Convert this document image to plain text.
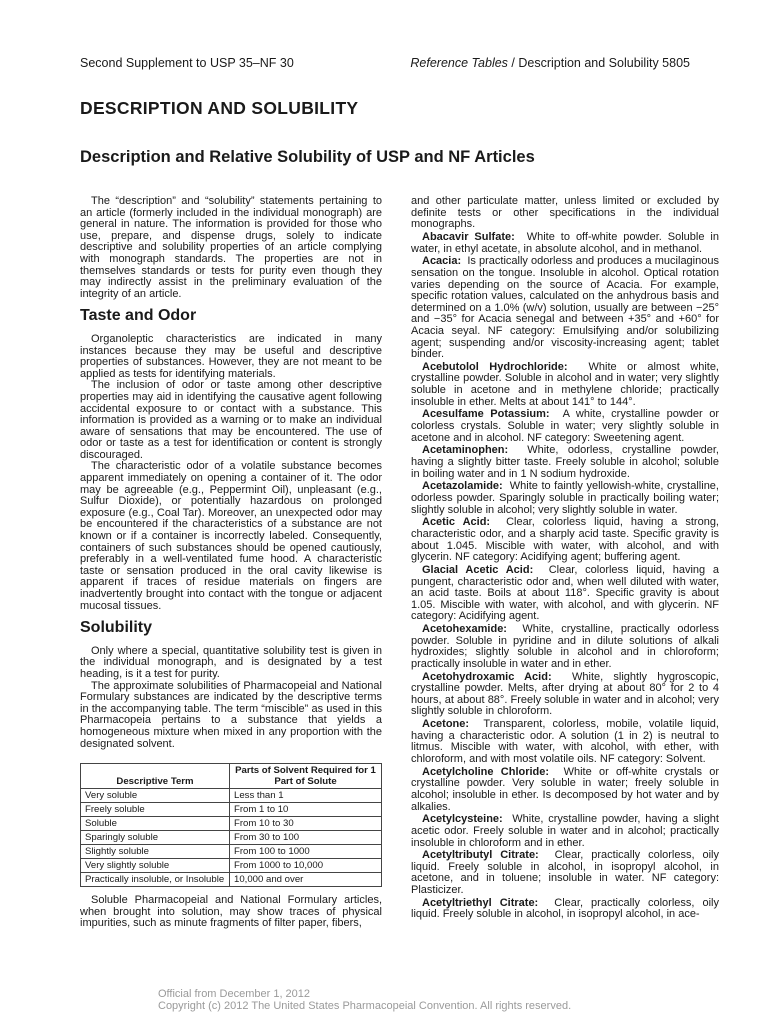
Second Supplement to USP 35–NF 30	Reference Tables / Description and Solubility 5805
DESCRIPTION AND SOLUBILITY
Description and Relative Solubility of USP and NF Articles

The “description” and “solubility” statements pertaining to an article (formerly included in the individual monograph) are general in nature. The information is provided for those who use, prepare, and dispense drugs, solely to indicate descriptive and solubility properties of an article complying with monograph standards. The properties are not in themselves standards or tests for purity even though they may indirectly assist in the preliminary evaluation of the integrity of an article.

Taste and Odor

Organoleptic characteristics are indicated in many instances because they may be useful and descriptive properties of substances. However, they are not meant to be applied as tests for identifying materials.

The inclusion of odor or taste among other descriptive properties may aid in identifying the causative agent following accidental exposure to or contact with a substance. This information is provided as a warning or to make an individual aware of sensations that may be encountered. The use of odor or taste as a test for identification or content is strongly discouraged.

The characteristic odor of a volatile substance becomes apparent immediately on opening a container of it. The odor may be agreeable (e.g., Peppermint Oil), unpleasant (e.g., Sulfur Dioxide), or potentially hazardous on prolonged exposure (e.g., Coal Tar). Moreover, an unexpected odor may be encountered if the characteristics of a substance are not known or if a container is incorrectly labeled. Consequently, containers of such substances should be opened cautiously, preferably in a well-ventilated fume hood. A characteristic taste or sensation produced in the oral cavity likewise is apparent if traces of residue materials on fingers are inadvertently brought into contact with the tongue or adjacent mucosal tissues.

Solubility

Only where a special, quantitative solubility test is given in the individual monograph, and is designated by a test heading, is it a test for purity.

The approximate solubilities of Pharmacopeial and National Formulary substances are indicated by the descriptive terms in the accompanying table. The term “miscible” as used in this Pharmacopeia pertains to a substance that yields a homogeneous mixture when mixed in any proportion with the designated solvent.

Descriptive Term	Parts of Solvent Required for 1 Part of Solute
Very soluble	Less than 1
Freely soluble	From 1 to 10
Soluble	From 10 to 30
Sparingly soluble	From 30 to 100
Slightly soluble	From 100 to 1000
Very slightly soluble	From 1000 to 10,000
Practically insoluble, or Insoluble	10,000 and over

Soluble Pharmacopeial and National Formulary articles, when brought into solution, may show traces of physical impurities, such as minute fragments of filter paper, fibers,

and other particulate matter, unless limited or excluded by definite tests or other specifications in the individual monographs.

Abacavir Sulfate: White to off-white powder. Soluble in water, in ethyl acetate, in absolute alcohol, and in methanol.

Acacia: Is practically odorless and produces a mucilaginous sensation on the tongue. Insoluble in alcohol. Optical rotation varies depending on the source of Acacia. For example, specific rotation values, calculated on the anhydrous basis and determined on a 1.0% (w/v) solution, usually are between −25° and −35° for Acacia senegal and between +35° and +60° for Acacia seyal. NF category: Emulsifying and/or solubilizing agent; suspending and/or viscosity-increasing agent; tablet binder.

Acebutolol Hydrochloride: White or almost white, crystalline powder. Soluble in alcohol and in water; very slightly soluble in acetone and in methylene chloride; practically insoluble in ether. Melts at about 141° to 144°.

Acesulfame Potassium: A white, crystalline powder or colorless crystals. Soluble in water; very slightly soluble in acetone and in alcohol. NF category: Sweetening agent.

Acetaminophen: White, odorless, crystalline powder, having a slightly bitter taste. Freely soluble in alcohol; soluble in boiling water and in 1 N sodium hydroxide.

Acetazolamide: White to faintly yellowish-white, crystalline, odorless powder. Sparingly soluble in practically boiling water; slightly soluble in alcohol; very slightly soluble in water.

Acetic Acid: Clear, colorless liquid, having a strong, characteristic odor, and a sharply acid taste. Specific gravity is about 1.045. Miscible with water, with alcohol, and with glycerin. NF category: Acidifying agent; buffering agent.

Glacial Acetic Acid: Clear, colorless liquid, having a pungent, characteristic odor and, when well diluted with water, an acid taste. Boils at about 118°. Specific gravity is about 1.05. Miscible with water, with alcohol, and with glycerin. NF category: Acidifying agent.

Acetohexamide: White, crystalline, practically odorless powder. Soluble in pyridine and in dilute solutions of alkali hydroxides; slightly soluble in alcohol and in chloroform; practically insoluble in water and in ether.

Acetohydroxamic Acid: White, slightly hygroscopic, crystalline powder. Melts, after drying at about 80° for 2 to 4 hours, at about 88°. Freely soluble in water and in alcohol; very slightly soluble in chloroform.

Acetone: Transparent, colorless, mobile, volatile liquid, having a characteristic odor. A solution (1 in 2) is neutral to litmus. Miscible with water, with alcohol, with ether, with chloroform, and with most volatile oils. NF category: Solvent.

Acetylcholine Chloride: White or off-white crystals or crystalline powder. Very soluble in water; freely soluble in alcohol; insoluble in ether. Is decomposed by hot water and by alkalies.

Acetylcysteine: White, crystalline powder, having a slight acetic odor. Freely soluble in water and in alcohol; practically insoluble in chloroform and in ether.

Acetyltributyl Citrate: Clear, practically colorless, oily liquid. Freely soluble in alcohol, in isopropyl alcohol, in acetone, and in toluene; insoluble in water. NF category: Plasticizer.

Acetyltriethyl Citrate: Clear, practically colorless, oily liquid. Freely soluble in alcohol, in isopropyl alcohol, in ace-

Official from December 1, 2012
Copyright (c) 2012 The United States Pharmacopeial Convention. All rights reserved.
